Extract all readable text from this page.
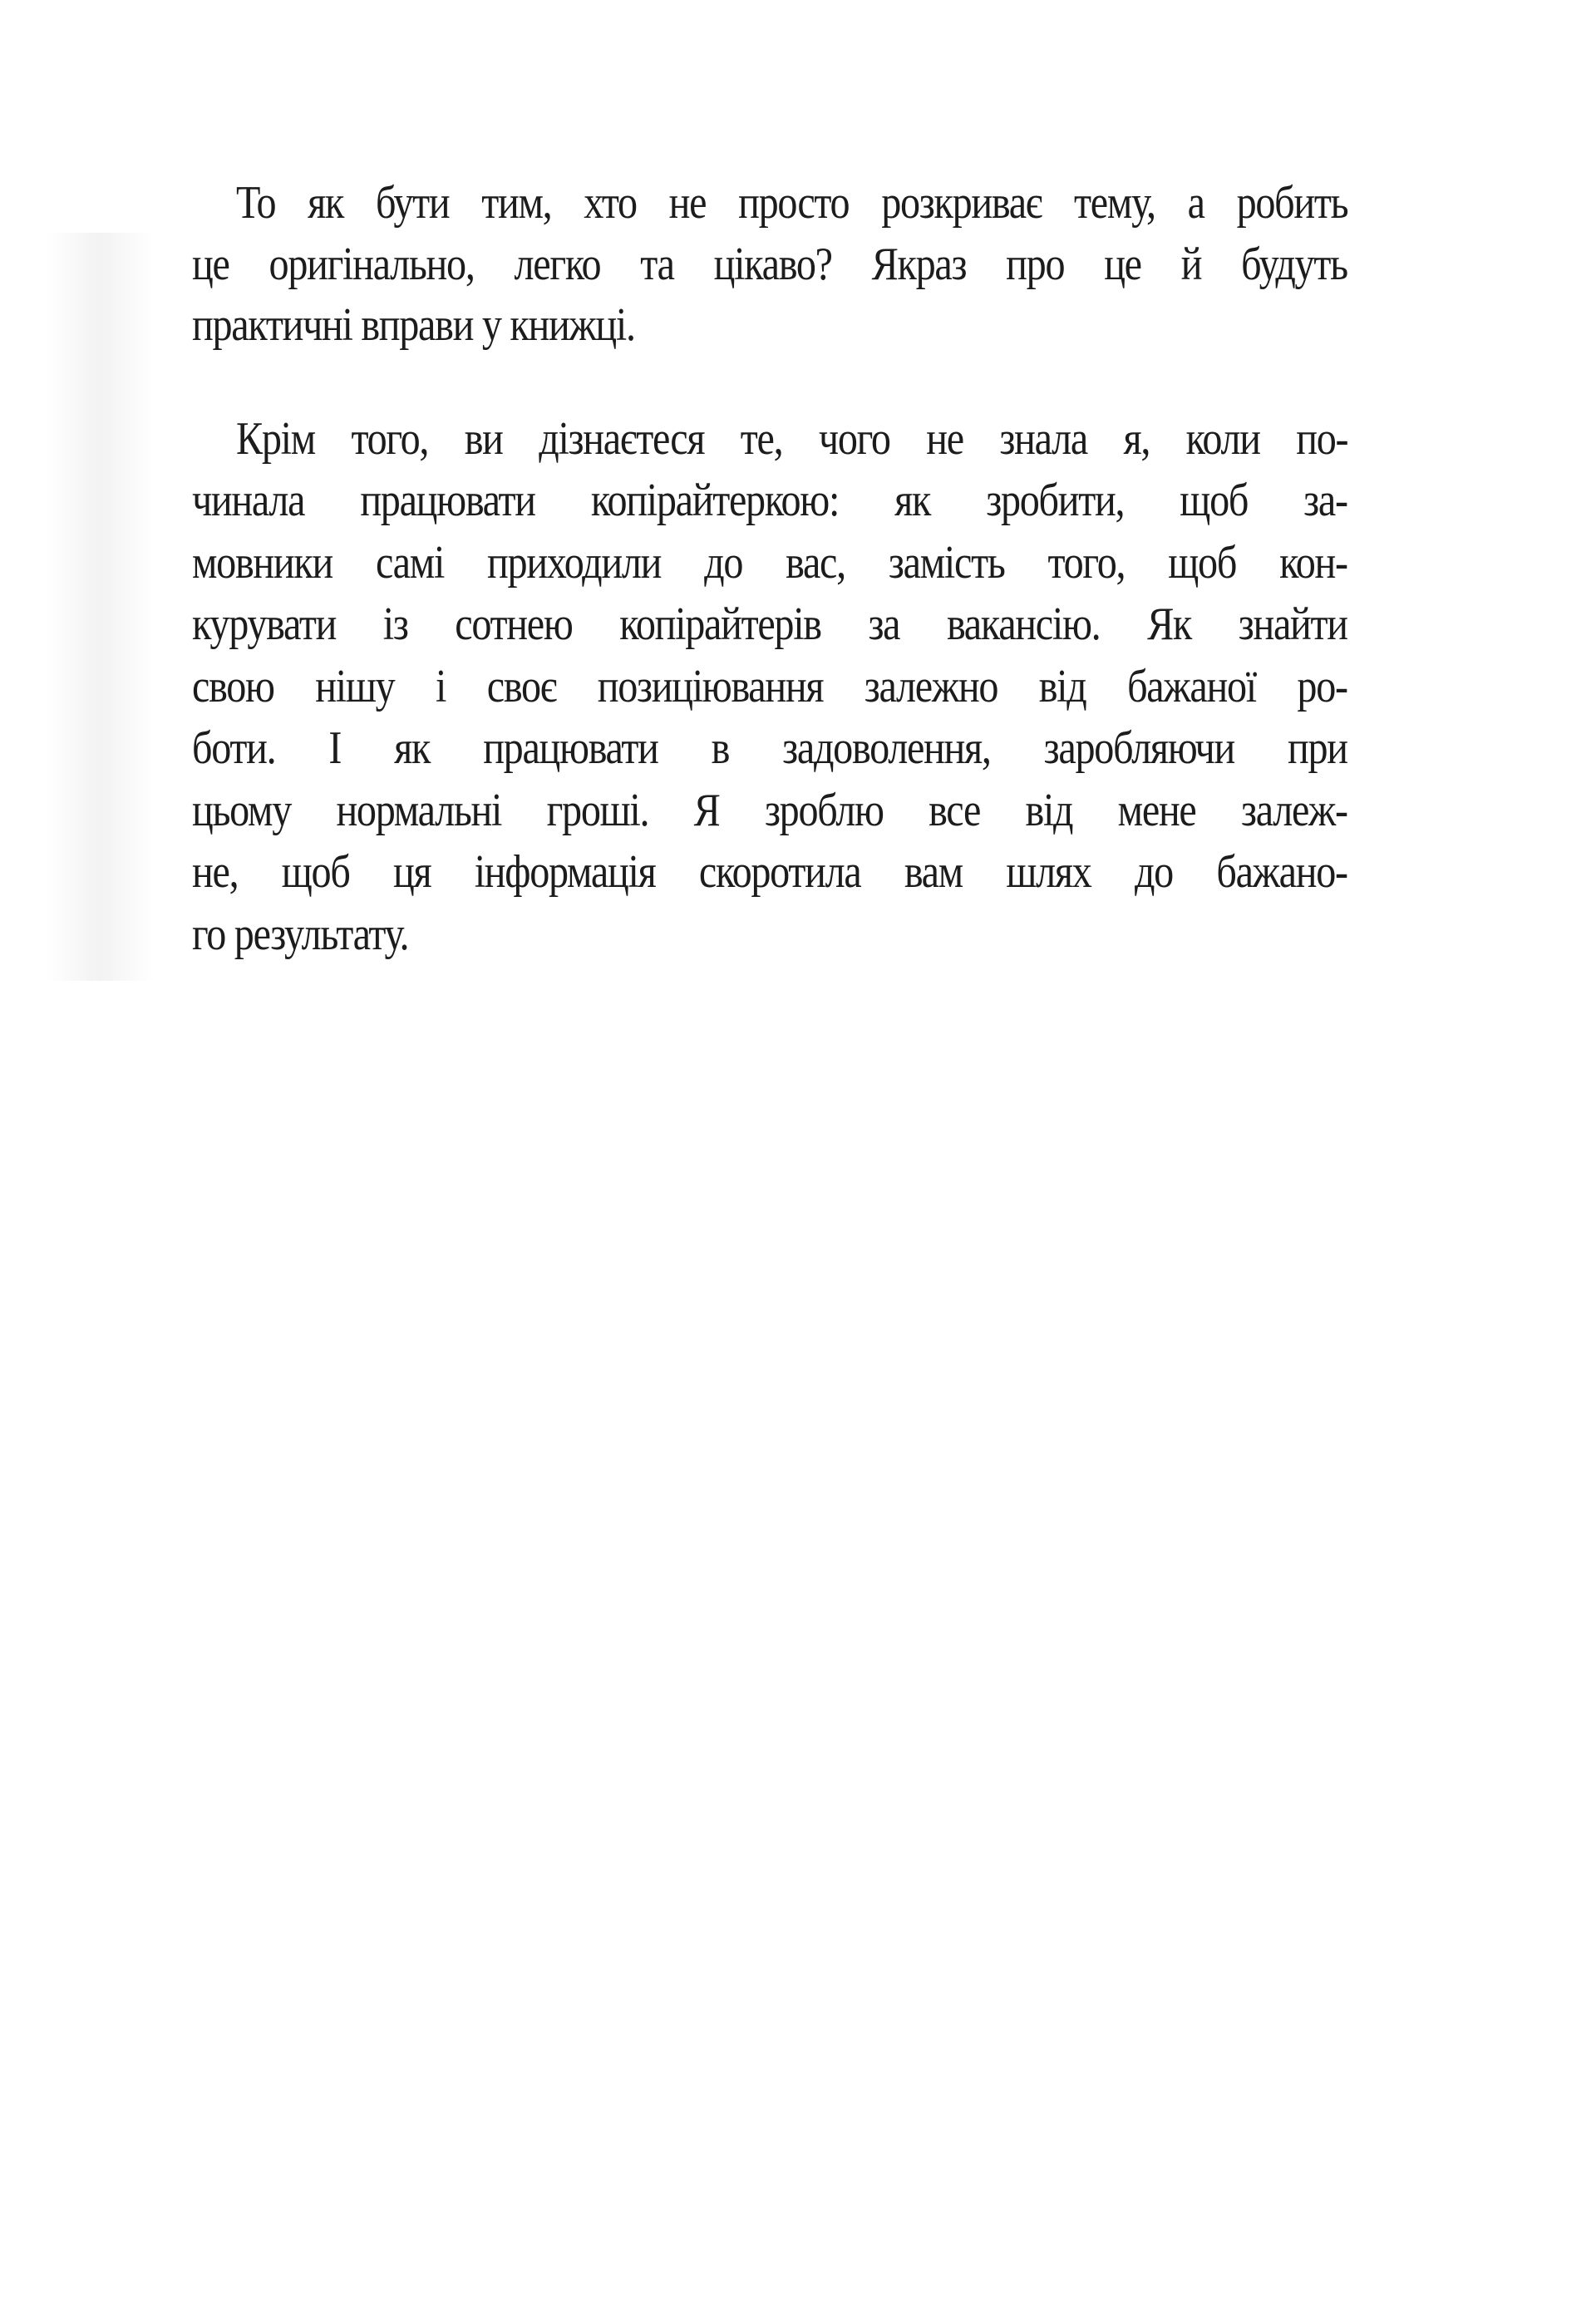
То як бути тим, хто не просто розкриває тему, а робить
це оригінально, легко та цікаво? Якраз про це й будуть
практичні вправи у книжці.
Крім того, ви дізнаєтеся те, чого не знала я, коли по-
чинала працювати копірайтеркою: як зробити, щоб за-
мовники самі приходили до вас, замість того, щоб кон-
курувати із сотнею копірайтерів за вакансію. Як знайти
свою нішу і своє позиціювання залежно від бажаної ро-
боти. І як працювати в задоволення, заробляючи при
цьому нормальні гроші. Я зроблю все від мене залеж-
не, щоб ця інформація скоротила вам шлях до бажано-
го результату.
